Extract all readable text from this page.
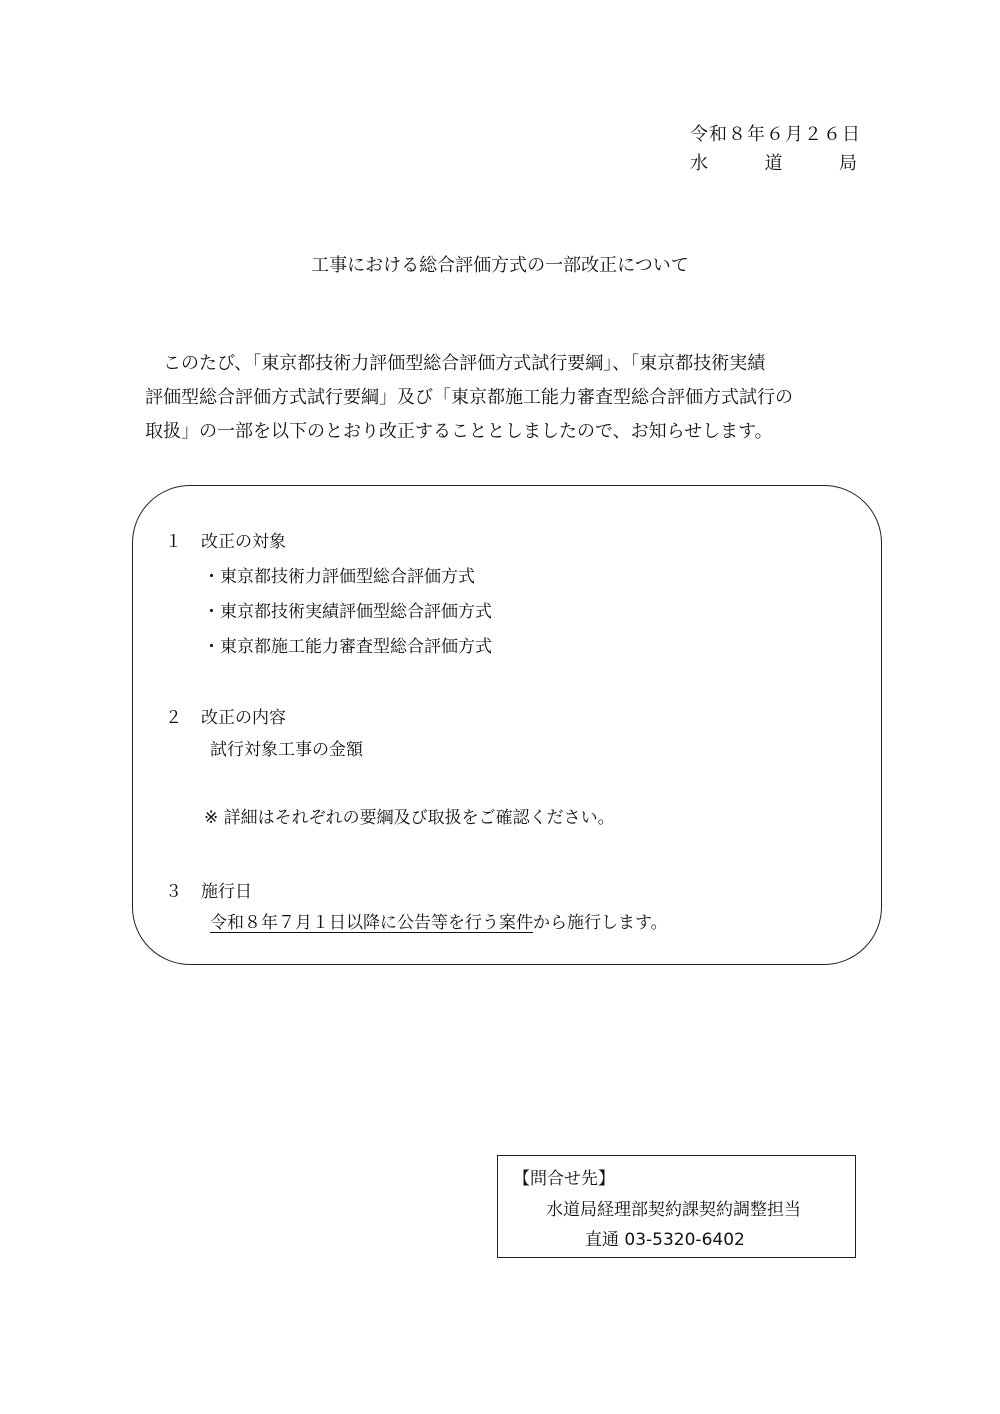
令和８年６月２６日
水	道	局
工事における総合評価方式の一部改正について
このたび、「東京都技術力評価型総合評価方式試行要綱」、「東京都技術実績
評価型総合評価方式試行要綱」及び「東京都施工能力審査型総合評価方式試行の
取扱」の一部を以下のとおり改正することとしましたので、お知らせします。
１ 改正の対象
・東京都技術力評価型総合評価方式
・東京都技術実績評価型総合評価方式
・東京都施工能力審査型総合評価方式
２ 改正の内容
試行対象工事の金額
※ 詳細はそれぞれの要綱及び取扱をご確認ください。
３ 施行日
令和８年７月１日以降に公告等を行う案件から施行します。
【問合せ先】
水道局経理部契約課契約調整担当
直通 03-5320-6402
